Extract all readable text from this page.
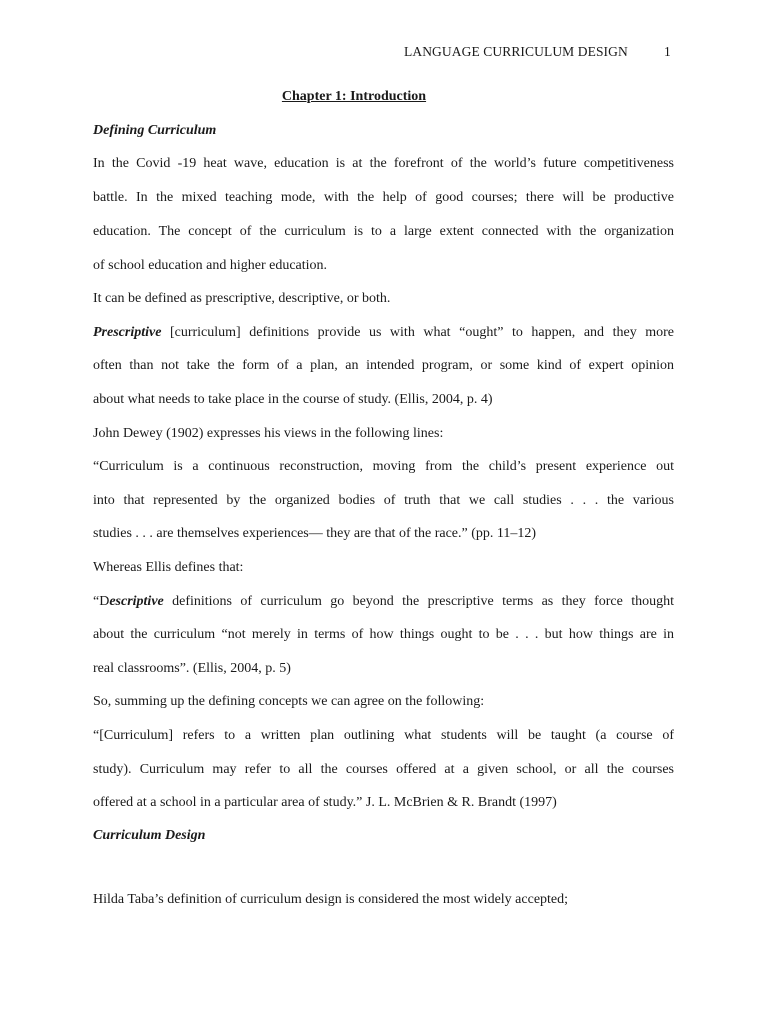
LANGUAGE CURRICULUM DESIGN	1
Chapter 1: Introduction
Defining Curriculum
In the Covid -19 heat wave, education is at the forefront of the world’s future competitiveness
battle. In the mixed teaching mode, with the help of good courses; there will be productive
education. The concept of the curriculum is to a large extent connected with the organization
of school education and higher education.
It can be defined as prescriptive, descriptive, or both.
Prescriptive [curriculum] definitions provide us with what “ought” to happen, and they more
often than not take the form of a plan, an intended program, or some kind of expert opinion
about what needs to take place in the course of study. (Ellis, 2004, p. 4)
John Dewey (1902) expresses his views in the following lines:
“Curriculum is a continuous reconstruction, moving from the child’s present experience out
into that represented by the organized bodies of truth that we call studies . . . the various
studies . . . are themselves experiences— they are that of the race.” (pp. 11–12)
Whereas Ellis defines that:
“Descriptive definitions of curriculum go beyond the prescriptive terms as they force thought
about the curriculum “not merely in terms of how things ought to be . . . but how things are in
real classrooms”. (Ellis, 2004, p. 5)
So, summing up the defining concepts we can agree on the following:
“[Curriculum] refers to a written plan outlining what students will be taught (a course of
study). Curriculum may refer to all the courses offered at a given school, or all the courses
offered at a school in a particular area of study.” J. L. McBrien & R. Brandt (1997)
Curriculum Design
Hilda Taba’s definition of curriculum design is considered the most widely accepted;
